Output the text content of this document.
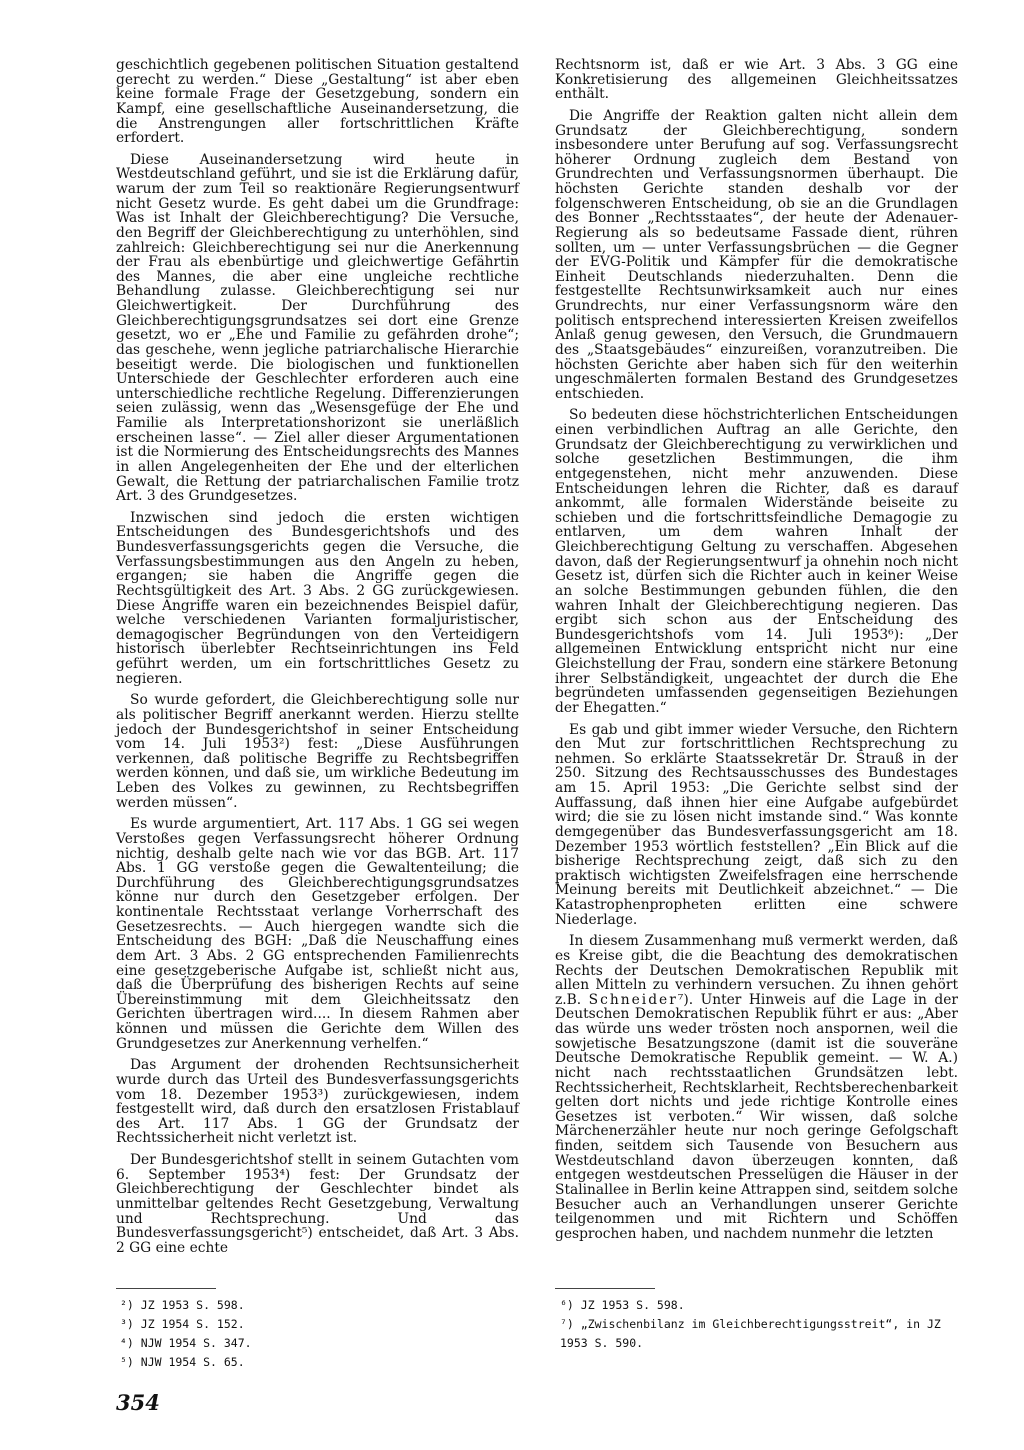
geschichtlich gegebenen politischen Situation gestaltend gerecht zu werden.“ Diese „Gestaltung“ ist aber eben keine formale Frage der Gesetzgebung, sondern ein Kampf, eine gesellschaftliche Auseinandersetzung, die die Anstrengungen aller fortschrittlichen Kräfte erfordert.

Diese Auseinandersetzung wird heute in Westdeutschland geführt, und sie ist die Erklärung dafür, warum der zum Teil so reaktionäre Regierungsentwurf nicht Gesetz wurde. Es geht dabei um die Grundfrage: Was ist Inhalt der Gleichberechtigung? Die Versuche, den Begriff der Gleichberechtigung zu unterhöhlen, sind zahlreich: Gleichberechtigung sei nur die Anerkennung der Frau als ebenbürtige und gleichwertige Gefährtin des Mannes, die aber eine ungleiche rechtliche Behandlung zulasse. Gleichberechtigung sei nur Gleichwertigkeit. Der Durchführung des Gleichberechtigungsgrundsatzes sei dort eine Grenze gesetzt, wo er „Ehe und Familie zu gefährden drohe“; das geschehe, wenn jegliche patriarchalische Hierarchie beseitigt werde. Die biologischen und funktionellen Unterschiede der Geschlechter erforderen auch eine unterschiedliche rechtliche Regelung. Differenzierungen seien zulässig, wenn das „Wesensgefüge der Ehe und Familie als Interpretationshorizont sie unerläßlich erscheinen lasse“. — Ziel aller dieser Argumentationen ist die Normierung des Entscheidungsrechts des Mannes in allen Angelegenheiten der Ehe und der elterlichen Gewalt, die Rettung der patriarchalischen Familie trotz Art. 3 des Grundgesetzes.

Inzwischen sind jedoch die ersten wichtigen Entscheidungen des Bundesgerichtshofs und des Bundesverfassungsgerichts gegen die Versuche, die Verfassungsbestimmungen aus den Angeln zu heben, ergangen; sie haben die Angriffe gegen die Rechtsgültigkeit des Art. 3 Abs. 2 GG zurückgewiesen. Diese Angriffe waren ein bezeichnendes Beispiel dafür, welche verschiedenen Varianten formaljuristischer, demagogischer Begründungen von den Verteidigern historisch überlebter Rechtseinrichtungen ins Feld geführt werden, um ein fortschrittliches Gesetz zu negieren.

So wurde gefordert, die Gleichberechtigung solle nur als politischer Begriff anerkannt werden. Hierzu stellte jedoch der Bundesgerichtshof in seiner Entscheidung vom 14. Juli 1953²) fest: „Diese Ausführungen verkennen, daß politische Begriffe zu Rechtsbegriffen werden können, und daß sie, um wirkliche Bedeutung im Leben des Volkes zu gewinnen, zu Rechtsbegriffen werden müssen“.

Es wurde argumentiert, Art. 117 Abs. 1 GG sei wegen Verstoßes gegen Verfassungsrecht höherer Ordnung nichtig, deshalb gelte nach wie vor das BGB. Art. 117 Abs. 1 GG verstoße gegen die Gewaltenteilung; die Durchführung des Gleichberechtigungsgrundsatzes könne nur durch den Gesetzgeber erfolgen. Der kontinentale Rechtsstaat verlange Vorherrschaft des Gesetzesrechts. — Auch hiergegen wandte sich die Entscheidung des BGH: „Daß die Neuschaffung eines dem Art. 3 Abs. 2 GG entsprechenden Familienrechts eine gesetzgeberische Aufgabe ist, schließt nicht aus, daß die Überprüfung des bisherigen Rechts auf seine Übereinstimmung mit dem Gleichheitssatz den Gerichten übertragen wird.... In diesem Rahmen aber können und müssen die Gerichte dem Willen des Grundgesetzes zur Anerkennung verhelfen.“

Das Argument der drohenden Rechtsunsicherheit wurde durch das Urteil des Bundesverfassungsgerichts vom 18. Dezember 1953³) zurückgewiesen, indem festgestellt wird, daß durch den ersatzlosen Fristablauf des Art. 117 Abs. 1 GG der Grundsatz der Rechtssicherheit nicht verletzt ist.

Der Bundesgerichtshof stellt in seinem Gutachten vom 6. September 1953⁴) fest: Der Grundsatz der Gleichberechtigung der Geschlechter bindet als unmittelbar geltendes Recht Gesetzgebung, Verwaltung und Rechtsprechung. Und das Bundesverfassungsgericht⁵) entscheidet, daß Art. 3 Abs. 2 GG eine echte

Rechtsnorm ist, daß er wie Art. 3 Abs. 3 GG eine Konkretisierung des allgemeinen Gleichheitssatzes enthält.

Die Angriffe der Reaktion galten nicht allein dem Grundsatz der Gleichberechtigung, sondern insbesondere unter Berufung auf sog. Verfassungsrecht höherer Ordnung zugleich dem Bestand von Grundrechten und Verfassungsnormen überhaupt. Die höchsten Gerichte standen deshalb vor der folgenschweren Entscheidung, ob sie an die Grundlagen des Bonner „Rechtsstaates“, der heute der Adenauer-Regierung als so bedeutsame Fassade dient, rühren sollten, um — unter Verfassungsbrüchen — die Gegner der EVG-Politik und Kämpfer für die demokratische Einheit Deutschlands niederzuhalten. Denn die festgestellte Rechtsunwirksamkeit auch nur eines Grundrechts, nur einer Verfassungsnorm wäre den politisch entsprechend interessierten Kreisen zweifellos Anlaß genug gewesen, den Versuch, die Grundmauern des „Staatsgebäudes“ einzureißen, voranzutreiben. Die höchsten Gerichte aber haben sich für den weiterhin ungeschmälerten formalen Bestand des Grundgesetzes entschieden.

So bedeuten diese höchstrichterlichen Entscheidungen einen verbindlichen Auftrag an alle Gerichte, den Grundsatz der Gleichberechtigung zu verwirklichen und solche gesetzlichen Bestimmungen, die ihm entgegenstehen, nicht mehr anzuwenden. Diese Entscheidungen lehren die Richter, daß es darauf ankommt, alle formalen Widerstände beiseite zu schieben und die fortschrittsfeindliche Demagogie zu entlarven, um dem wahren Inhalt der Gleichberechtigung Geltung zu verschaffen. Abgesehen davon, daß der Regierungsentwurf ja ohnehin noch nicht Gesetz ist, dürfen sich die Richter auch in keiner Weise an solche Bestimmungen gebunden fühlen, die den wahren Inhalt der Gleichberechtigung negieren. Das ergibt sich schon aus der Entscheidung des Bundesgerichtshofs vom 14. Juli 1953⁶): „Der allgemeinen Entwicklung entspricht nicht nur eine Gleichstellung der Frau, sondern eine stärkere Betonung ihrer Selbständigkeit, ungeachtet der durch die Ehe begründeten umfassenden gegenseitigen Beziehungen der Ehegatten.“

Es gab und gibt immer wieder Versuche, den Richtern den Mut zur fortschrittlichen Rechtsprechung zu nehmen. So erklärte Staatssekretär Dr. Strauß in der 250. Sitzung des Rechtsausschusses des Bundestages am 15. April 1953: „Die Gerichte selbst sind der Auffassung, daß ihnen hier eine Aufgabe aufgebürdet wird; die sie zu lösen nicht imstande sind.“ Was konnte demgegenüber das Bundesverfassungsgericht am 18. Dezember 1953 wörtlich feststellen? „Ein Blick auf die bisherige Rechtsprechung zeigt, daß sich zu den praktisch wichtigsten Zweifelsfragen eine herrschende Meinung bereits mit Deutlichkeit abzeichnet.“ — Die Katastrophenpropheten erlitten eine schwere Niederlage.

In diesem Zusammenhang muß vermerkt werden, daß es Kreise gibt, die die Beachtung des demokratischen Rechts der Deutschen Demokratischen Republik mit allen Mitteln zu verhindern versuchen. Zu ihnen gehört z.B. Schneider⁷). Unter Hinweis auf die Lage in der Deutschen Demokratischen Republik führt er aus: „Aber das würde uns weder trösten noch anspornen, weil die sowjetische Besatzungszone (damit ist die souveräne Deutsche Demokratische Republik gemeint. — W. A.) nicht nach rechtsstaatlichen Grundsätzen lebt. Rechtssicherheit, Rechtsklarheit, Rechtsberechenbarkeit gelten dort nichts und jede richtige Kontrolle eines Gesetzes ist verboten.“ Wir wissen, daß solche Märchenerzähler heute nur noch geringe Gefolgschaft finden, seitdem sich Tausende von Besuchern aus Westdeutschland davon überzeugen konnten, daß entgegen westdeutschen Presselügen die Häuser in der Stalinallee in Berlin keine Attrappen sind, seitdem solche Besucher auch an Verhandlungen unserer Gerichte teilgenommen und mit Richtern und Schöffen gesprochen haben, und nachdem nunmehr die letzten

²) JZ 1953 S. 598.
³) JZ 1954 S. 152.
⁴) NJW 1954 S. 347.
⁵) NJW 1954 S. 65.
⁶) JZ 1953 S. 598.
⁷) „Zwischenbilanz im Gleichberechtigungsstreit“, in JZ 1953 S. 590.
354
